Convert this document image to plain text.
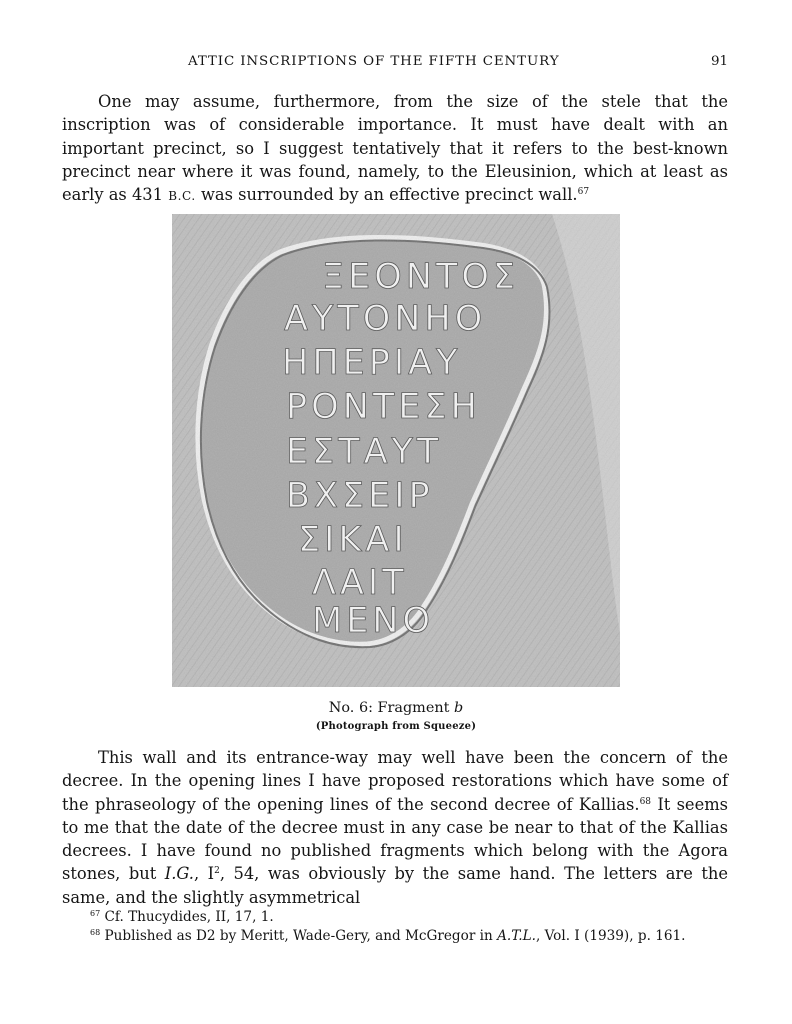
ATTIC INSCRIPTIONS OF THE FIFTH CENTURY	91

One may assume, furthermore, from the size of the stele that the inscription was of considerable importance. It must have dealt with an important precinct, so I suggest tentatively that it refers to the best-known precinct near where it was found, namely, to the Eleusinion, which at least as early as 431 B.C. was surrounded by an effective precinct wall.$^{67}$

ΞΕΟΝΤΟΣ
ΑΥΤΟΝΗΟ
ΗΠΕΡΙΑΥ
ΡΟΝΤΕΣΗ
ΕΣΤΑΥΤ
ΒΧΣΕΙΡ
ΣΙΚΑΙ
ΛΑΙΤ
ΜΕΝΟ
No. 6: Fragment b
(Photograph from Squeeze)

This wall and its entrance-way may well have been the concern of the decree. In the opening lines I have proposed restorations which have some of the phraseology of the opening lines of the second decree of Kallias.$^{68}$ It seems to me that the date of the decree must in any case be near to that of the Kallias decrees. I have found no published fragments which belong with the Agora stones, but I.G., $I^2$, 54, was obviously by the same hand. The letters are the same, and the slightly asymmetrical

$^{67}$ Cf. Thucydides, II, 17, 1.

$^{68}$ Published as D2 by Meritt, Wade-Gery, and McGregor in A.T.L., Vol. I (1939), p. 161.
